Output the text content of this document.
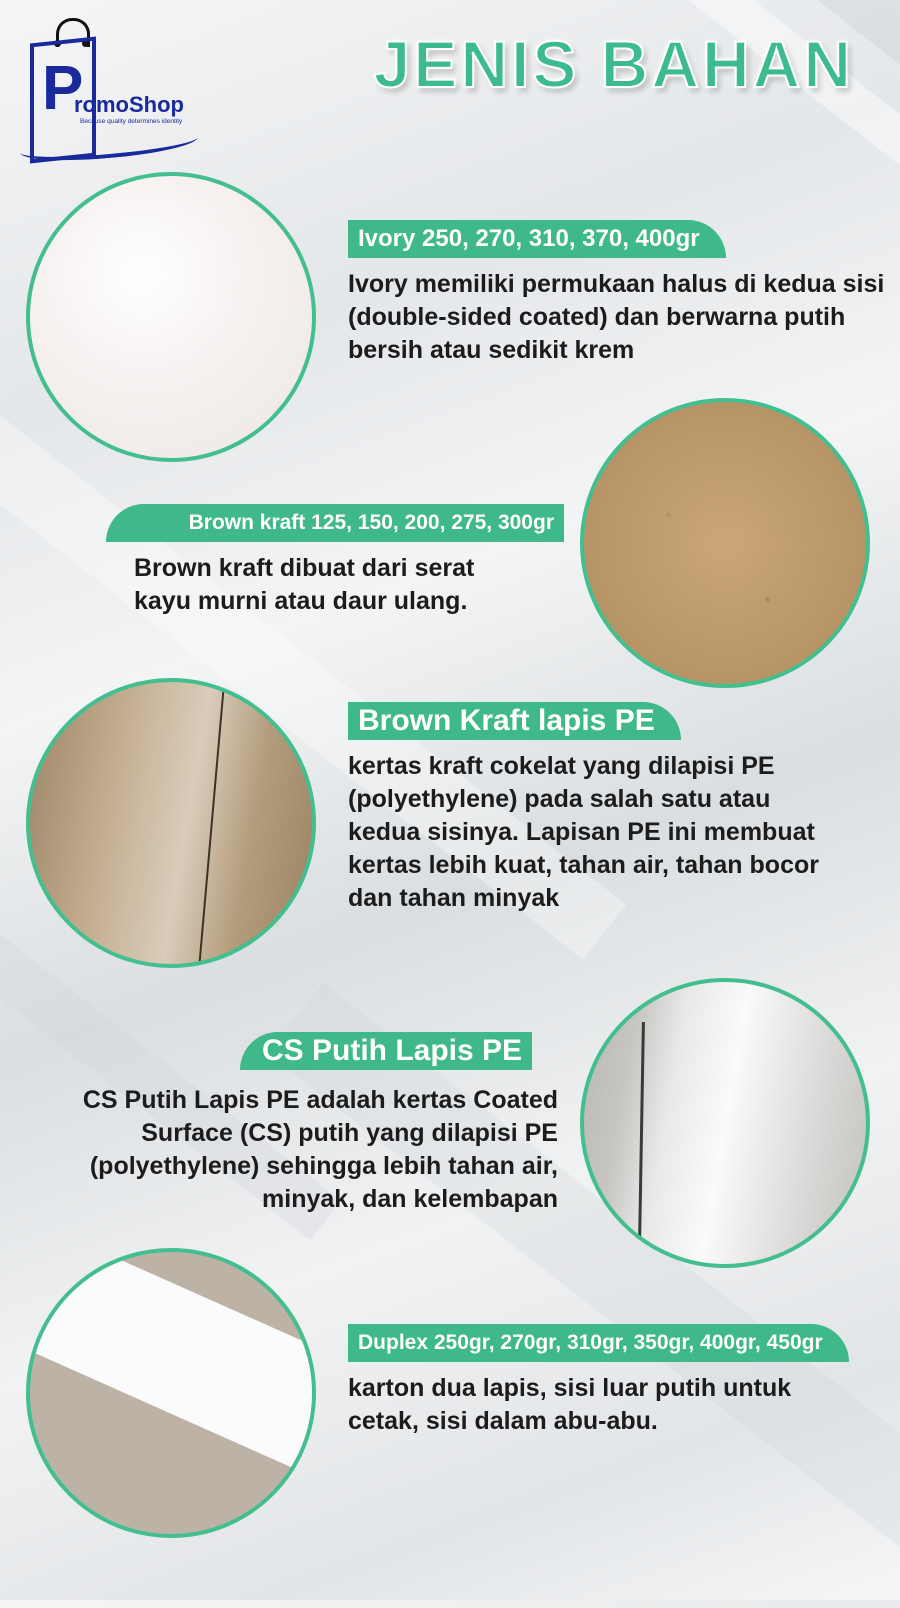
P
romoShop
Because quality determines identity
JENIS BAHAN
Ivory 250, 270, 310, 370, 400gr

Ivory memiliki permukaan halus di kedua sisi (double-sided coated) dan berwarna putih bersih atau sedikit krem

Brown kraft 125, 150, 200, 275, 300gr

Brown kraft dibuat dari serat kayu murni atau daur ulang.

Brown Kraft lapis PE

kertas kraft cokelat yang dilapisi PE (polyethylene) pada salah satu atau kedua sisinya. Lapisan PE ini membuat kertas lebih kuat, tahan air, tahan bocor dan tahan minyak

CS Putih Lapis PE

CS Putih Lapis PE adalah kertas Coated Surface (CS) putih yang dilapisi PE (polyethylene) sehingga lebih tahan air, minyak, dan kelembapan

Duplex 250gr, 270gr, 310gr, 350gr, 400gr, 450gr

karton dua lapis, sisi luar putih untuk cetak, sisi dalam abu-abu.
